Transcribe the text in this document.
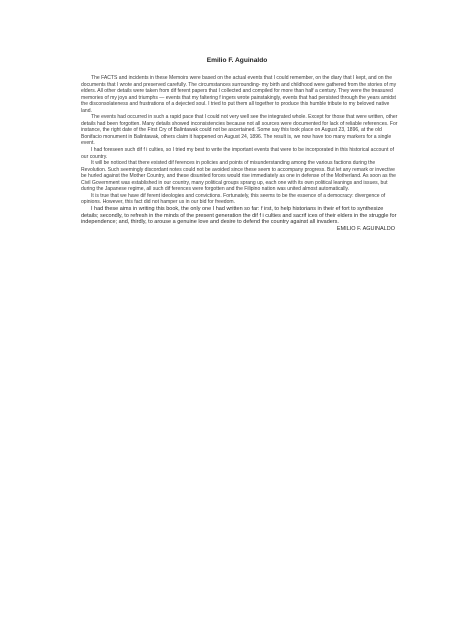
Emilio F. Aguinaldo

The FACTS and incidents in these Memoirs were based on the actual events that I could remember, on the diary that I kept, and on the documents that I wrote and preserved carefully. The circumstances surrounding- my birth and childhood were gathered from the stories of my elders. All other details were taken from dif ferent papers that I collected and compiled for more than half a century. They were the treasured memories of my joys and triumphs — events that my faltering f ingers wrote painstakingly, events that had persisted through the years amidst the disconsolateness and frustrations of a dejected soul. I tried to put them all together to produce this humble tribute to my beloved native land.

The events had occurred in such a rapid pace that I could not very well see the integrated whole. Except for those that were written, other details had been forgotten. Many details showed inconsistencies because not all sources were documented for lack of reliable references. For instance, the right date of the First Cry of Balintawak could not be ascertained. Some say this took place on August 23, 1896, at the old Bonifacio monument in Balintawak, others claim it happened on August 24, 1896. The result is, we now have too many markers for a single event.

I had foreseen such dif f i culties, so I tried my best to write the important events that were to be incorporated in this historical account of our country.

It will be noticed that there existed dif ferences in policies and points of misunderstanding among the various factions during the Revolution. Such seemingly discordant notes could not be avoided since these seem to accompany progress. But let any remark or invective be hurled against the Mother Country, and these disunited forces would rise immediately as one in defense of the Motherland. As soon as the Civil Government was established in our country, many political groups sprang up, each one with its own political leanings and issues, but during the Japanese regime, all such dif ferences were forgotten and the Filipino nation was united almost automatically.

It is true that we have dif ferent ideologies and convictions. Fortunately, this seems to be the essence of a democracy: divergence of opinions. However, this fact did not hamper us in our bid for freedom.

I had these aims in writing this book, the only one I had written so far: f irst, to help historians in their ef fort to synthesize details; secondly, to refresh in the minds of the present generation the dif f i culties and sacrif ices of their elders in the struggle for independence; and, thirdly, to arouse a genuine love and desire to defend the country against all invaders.

EMILIO F. AGUINALDO
